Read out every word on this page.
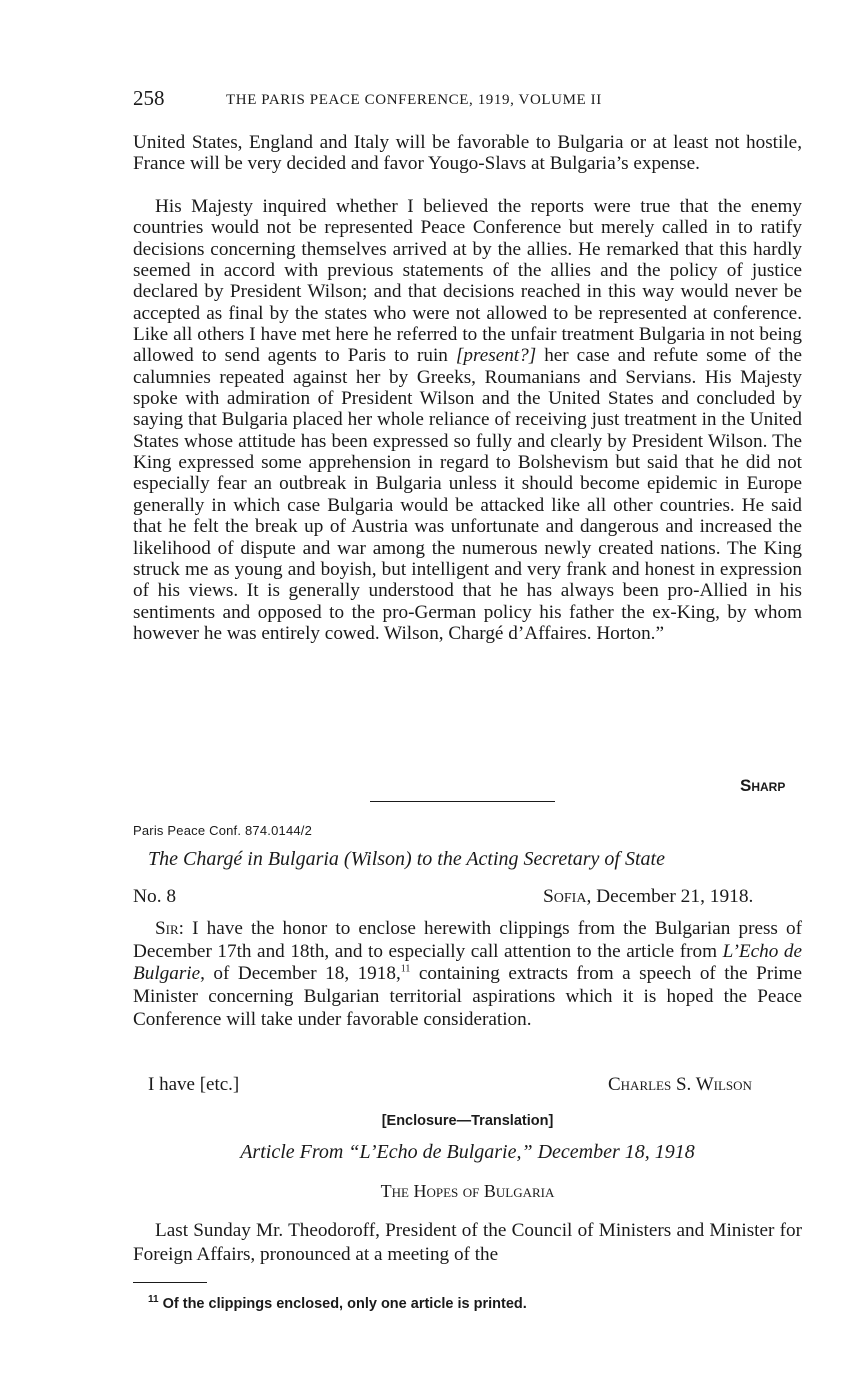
258	THE PARIS PEACE CONFERENCE, 1919, VOLUME II

United States, England and Italy will be favorable to Bulgaria or at least not hostile, France will be very decided and favor Yougo-Slavs at Bulgaria’s expense.

His Majesty inquired whether I believed the reports were true that the enemy countries would not be represented Peace Conference but merely called in to ratify decisions concerning themselves arrived at by the allies. He remarked that this hardly seemed in accord with previous statements of the allies and the policy of justice declared by President Wilson; and that decisions reached in this way would never be accepted as final by the states who were not allowed to be represented at conference. Like all others I have met here he referred to the unfair treatment Bulgaria in not being allowed to send agents to Paris to ruin [present?] her case and refute some of the calumnies repeated against her by Greeks, Roumanians and Servians. His Majesty spoke with admiration of President Wilson and the United States and concluded by saying that Bulgaria placed her whole reliance of receiving just treatment in the United States whose attitude has been expressed so fully and clearly by President Wilson. The King expressed some apprehension in regard to Bolshevism but said that he did not especially fear an outbreak in Bulgaria unless it should become epidemic in Europe generally in which case Bulgaria would be attacked like all other countries. He said that he felt the break up of Austria was unfortunate and dangerous and increased the likelihood of dispute and war among the numerous newly created nations. The King struck me as young and boyish, but intelligent and very frank and honest in expression of his views. It is generally understood that he has always been pro-Allied in his sentiments and opposed to the pro-German policy his father the ex-King, by whom however he was entirely cowed. Wilson, Chargé d’Affaires. Horton.”

Sharp
Paris Peace Conf. 874.0144/2
The Chargé in Bulgaria (Wilson) to the Acting Secretary of State
No. 8	Sofia, December 21, 1918.

Sir: I have the honor to enclose herewith clippings from the Bulgarian press of December 17th and 18th, and to especially call attention to the article from L’Echo de Bulgarie, of December 18, 1918,11 containing extracts from a speech of the Prime Minister concerning Bulgarian territorial aspirations which it is hoped the Peace Conference will take under favorable consideration.

I have [etc.]	Charles S. Wilson
[Enclosure—Translation]
Article From “L’Echo de Bulgarie,” December 18, 1918
The Hopes of Bulgaria

Last Sunday Mr. Theodoroff, President of the Council of Ministers and Minister for Foreign Affairs, pronounced at a meeting of the

$^{11}$ Of the clippings enclosed, only one article is printed.
